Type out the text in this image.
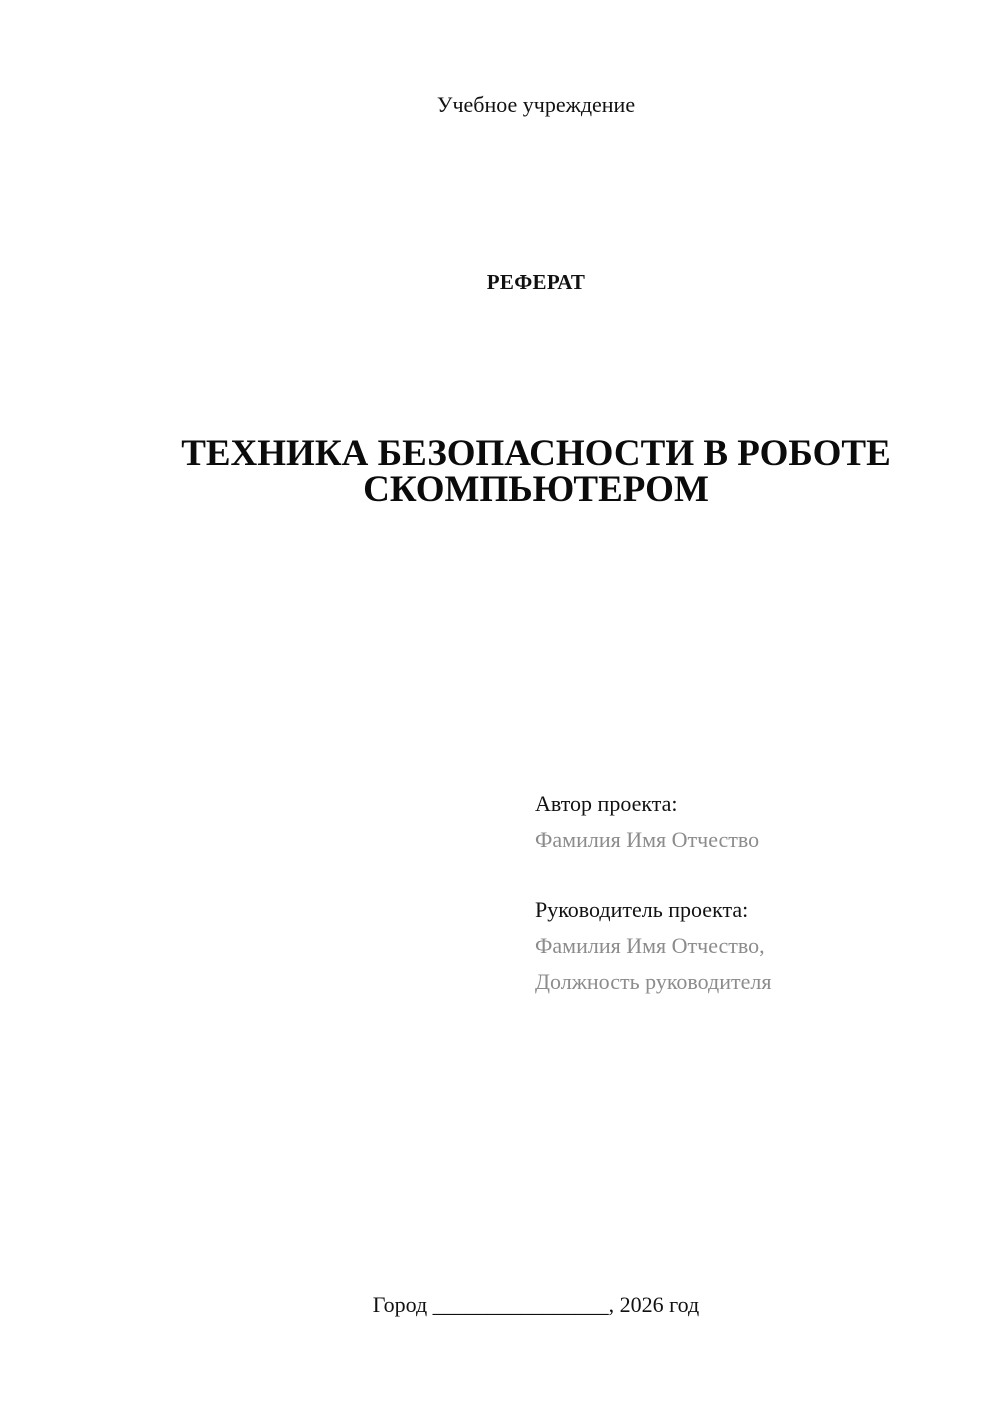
Учебное учреждение
РЕФЕРАТ
ТЕХНИКА БЕЗОПАСНОСТИ В РОБОТЕ
СКОМПЬЮТЕРОМ
Автор проекта:
Фамилия Имя Отчество
Руководитель проекта:
Фамилия Имя Отчество,
Должность руководителя
Город ________________, 2026 год
